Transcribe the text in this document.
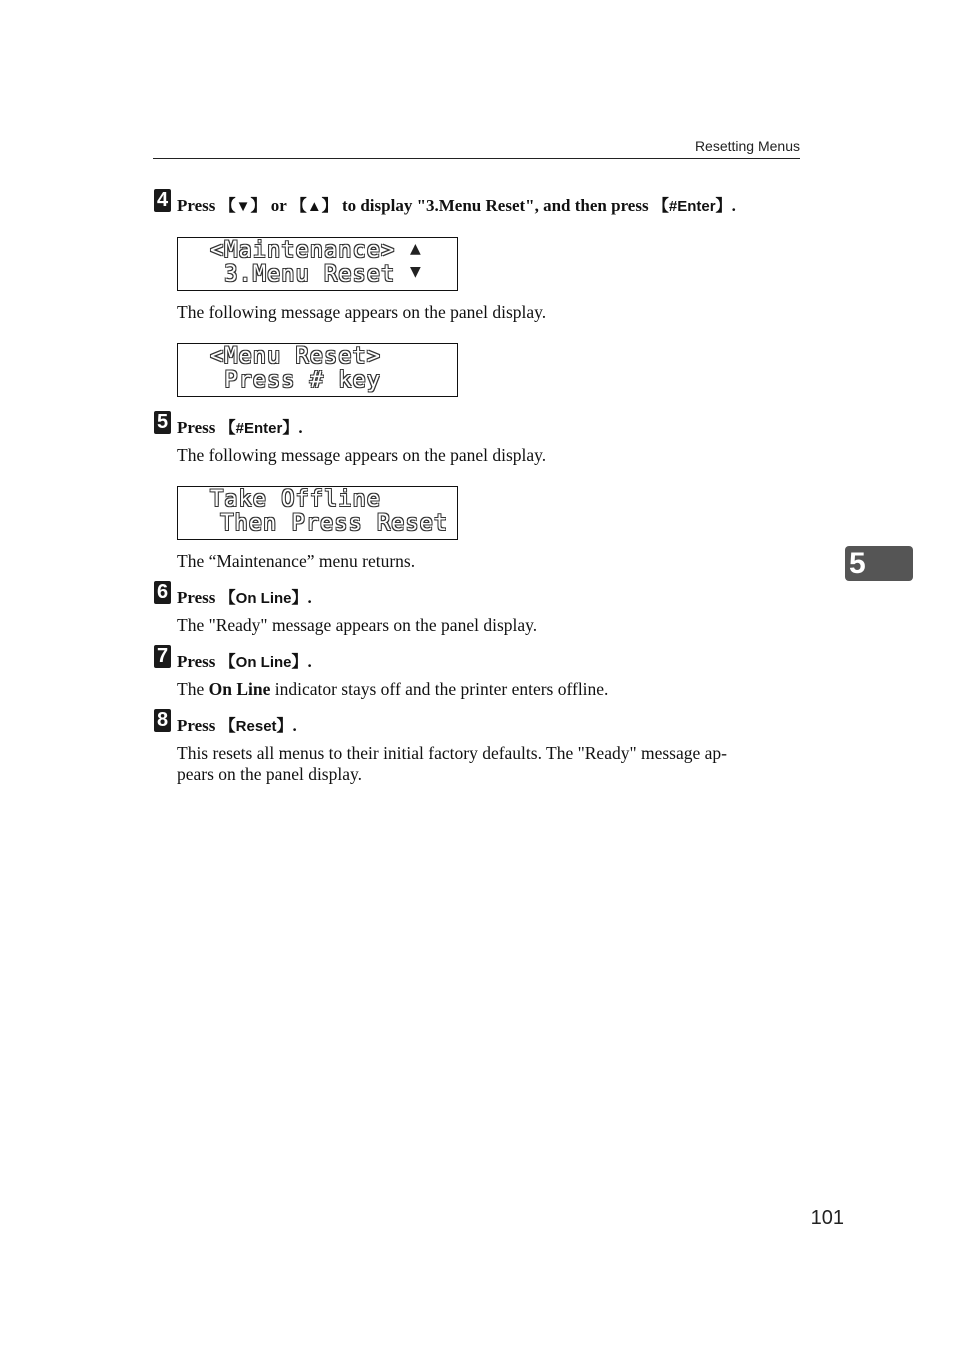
Resetting Menus
4 Press 【▼】 or 【▲】 to display "3.Menu Reset", and then press 【#Enter】.
<Maintenance>
3.Menu Reset
▲
▼
The following message appears on the panel display.
<Menu Reset>
Press # key
5 Press 【#Enter】.
The following message appears on the panel display.
Take Offline
Then Press Reset
The “Maintenance” menu returns.
6 Press 【On Line】.
The "Ready" message appears on the panel display.
7 Press 【On Line】.
The On Line indicator stays off and the printer enters offline.
8 Press 【Reset】.
This resets all menus to their initial factory defaults. The "Ready" message ap-
pears on the panel display.
5
101
